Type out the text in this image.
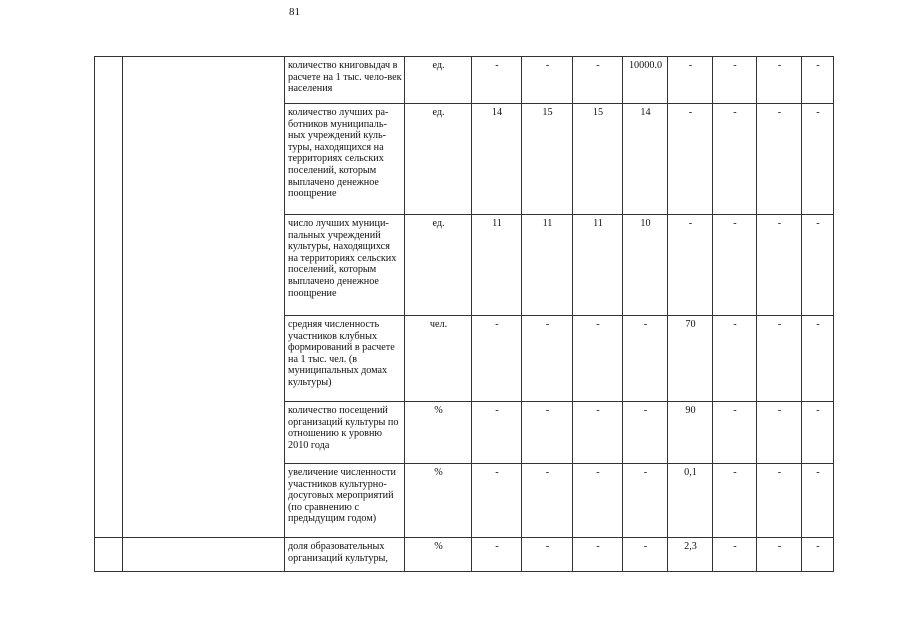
81
		количество книговыдач в расчете на 1 тыс. чело-век населения	ед.	-	-	-	10000.0	-	-	-	-
		количество лучших ра-ботников муниципаль-ных учреждений куль-туры, находящихся на территориях сельских поселений, которым выплачено денежное поощрение	ед.	14	15	15	14	-	-	-	-
		число лучших муници-пальных учреждений культуры, находящихся на территориях сельских поселений, которым выплачено денежное поощрение	ед.	11	11	11	10	-	-	-	-
		средняя численность участников клубных формирований в расчете на 1 тыс. чел. (в муниципальных домах культуры)	чел.	-	-	-	-	70	-	-	-
		количество посещений организаций культуры по отношению к уровню 2010 года	%	-	-	-	-	90	-	-	-
		увеличение численности участников культурно-досуговых мероприятий (по сравнению с предыдущим годом)	%	-	-	-	-	0,1	-	-	-
		доля образовательных организаций культуры,	%	-	-	-	-	2,3	-	-	-
